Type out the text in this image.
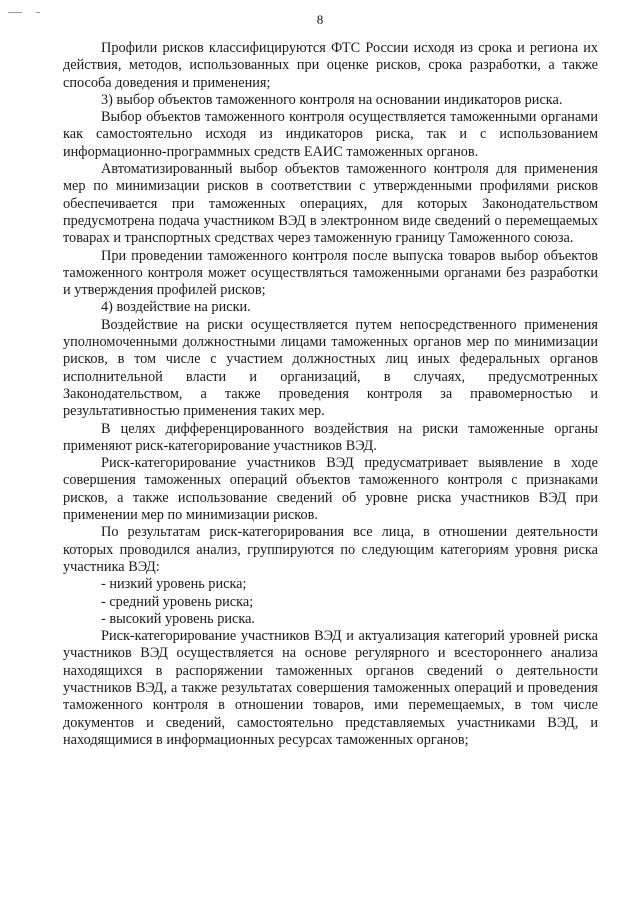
8

Профили рисков классифицируются ФТС России исходя из срока и региона их действия, методов, использованных при оценке рисков, срока разработки, а также способа доведения и применения;

3) выбор объектов таможенного контроля на основании индикаторов риска.

Выбор объектов таможенного контроля осуществляется таможенными органами как самостоятельно исходя из индикаторов риска, так и с использованием информационно-программных средств ЕАИС таможенных органов.

Автоматизированный выбор объектов таможенного контроля для применения мер по минимизации рисков в соответствии с утвержденными профилями рисков обеспечивается при таможенных операциях, для которых Законодательством предусмотрена подача участником ВЭД в электронном виде сведений о перемещаемых товарах и транспортных средствах через таможенную границу Таможенного союза.

При проведении таможенного контроля после выпуска товаров выбор объектов таможенного контроля может осуществляться таможенными органами без разработки и утверждения профилей рисков;

4) воздействие на риски.

Воздействие на риски осуществляется путем непосредственного применения уполномоченными должностными лицами таможенных органов мер по минимизации рисков, в том числе с участием должностных лиц иных федеральных органов исполнительной власти и организаций, в случаях, предусмотренных Законодательством, а также проведения контроля за правомерностью и результативностью применения таких мер.

В целях дифференцированного воздействия на риски таможенные органы применяют риск-категорирование участников ВЭД.

Риск-категорирование участников ВЭД предусматривает выявление в ходе совершения таможенных операций объектов таможенного контроля с признаками рисков, а также использование сведений об уровне риска участников ВЭД при применении мер по минимизации рисков.

По результатам риск-категорирования все лица, в отношении деятельности которых проводился анализ, группируются по следующим категориям уровня риска участника ВЭД:

- низкий уровень риска;

- средний уровень риска;

- высокий уровень риска.

Риск-категорирование участников ВЭД и актуализация категорий уровней риска участников ВЭД осуществляется на основе регулярного и всестороннего анализа находящихся в распоряжении таможенных органов сведений о деятельности участников ВЭД, а также результатах совершения таможенных операций и проведения таможенного контроля в отношении товаров, ими перемещаемых, в том числе документов и сведений, самостоятельно представляемых участниками ВЭД, и находящимися в информационных ресурсах таможенных органов;
